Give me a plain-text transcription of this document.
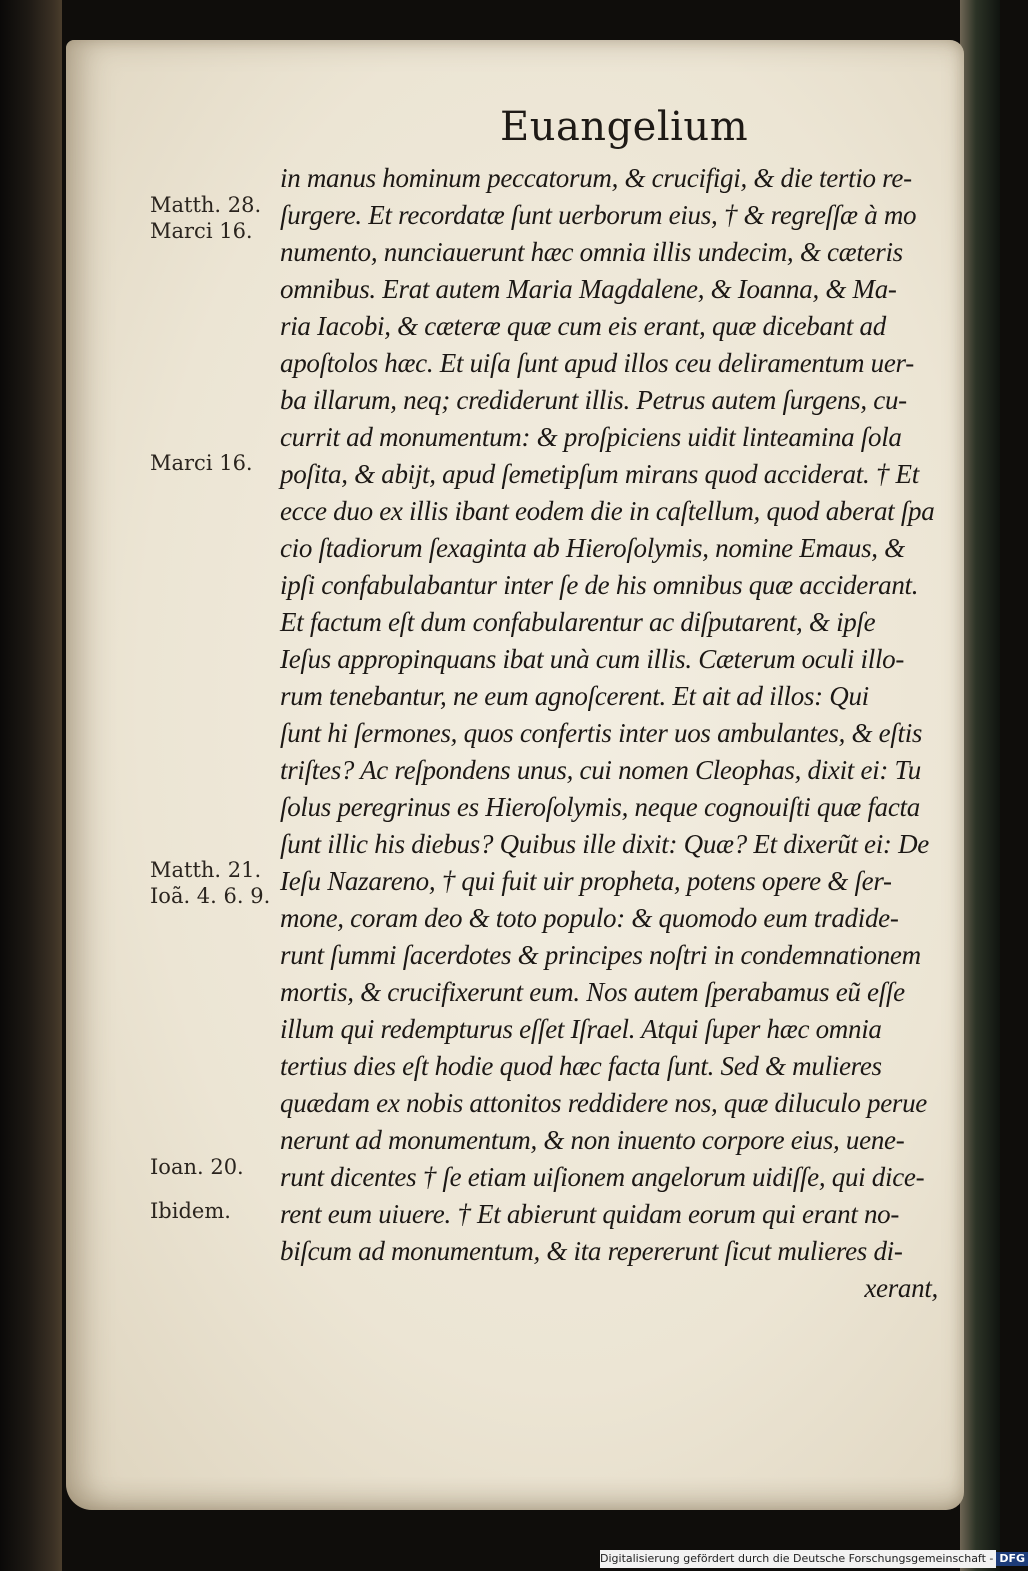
Euangelium
in manus hominum peccatorum, & crucifigi, & die tertio re-
ſurgere. Et recordatæ ſunt uerborum eius, † & regreſſæ à mo
numento, nunciauerunt hæc omnia illis undecim, & cæteris
omnibus. Erat autem Maria Magdalene, & Ioanna, & Ma-
ria Iacobi, & cæteræ quæ cum eis erant, quæ dicebant ad
apoſtolos hæc. Et uiſa ſunt apud illos ceu deliramentum uer-
ba illarum, neq; crediderunt illis. Petrus autem ſurgens, cu-
currit ad monumentum: & proſpiciens uidit linteamina ſola
poſita, & abijt, apud ſemetipſum mirans quod acciderat. † Et
ecce duo ex illis ibant eodem die in caſtellum, quod aberat ſpa
cio ſtadiorum ſexaginta ab Hieroſolymis, nomine Emaus, &
ipſi confabulabantur inter ſe de his omnibus quæ acciderant.
Et factum eſt dum confabularentur ac diſputarent, & ipſe
Ieſus appropinquans ibat unà cum illis. Cæterum oculi illo-
rum tenebantur, ne eum agnoſcerent. Et ait ad illos: Qui
ſunt hi ſermones, quos confertis inter uos ambulantes, & eſtis
triſtes? Ac reſpondens unus, cui nomen Cleophas, dixit ei: Tu
ſolus peregrinus es Hieroſolymis, neque cognouiſti quæ facta
ſunt illic his diebus? Quibus ille dixit: Quæ? Et dixerũt ei: De
Ieſu Nazareno, † qui fuit uir propheta, potens opere & ſer-
mone, coram deo & toto populo: & quomodo eum tradide-
runt ſummi ſacerdotes & principes noſtri in condemnationem
mortis, & crucifixerunt eum. Nos autem ſperabamus eũ eſſe
illum qui redempturus eſſet Iſrael. Atqui ſuper hæc omnia
tertius dies eſt hodie quod hæc facta ſunt. Sed & mulieres
quædam ex nobis attonitos reddidere nos, quæ diluculo perue
nerunt ad monumentum, & non inuento corpore eius, uene-
runt dicentes † ſe etiam uiſionem angelorum uidiſſe, qui dice-
rent eum uiuere. † Et abierunt quidam eorum qui erant no-
biſcum ad monumentum, & ita repererunt ſicut mulieres di-
xerant,
Matth. 28.
Marci 16.
Marci 16.
Matth. 21.
Ioã. 4. 6. 9.
Ioan. 20.
Ibidem.
Digitalisierung gefördert durch die Deutsche Forschungsgemeinschaft - DFG
